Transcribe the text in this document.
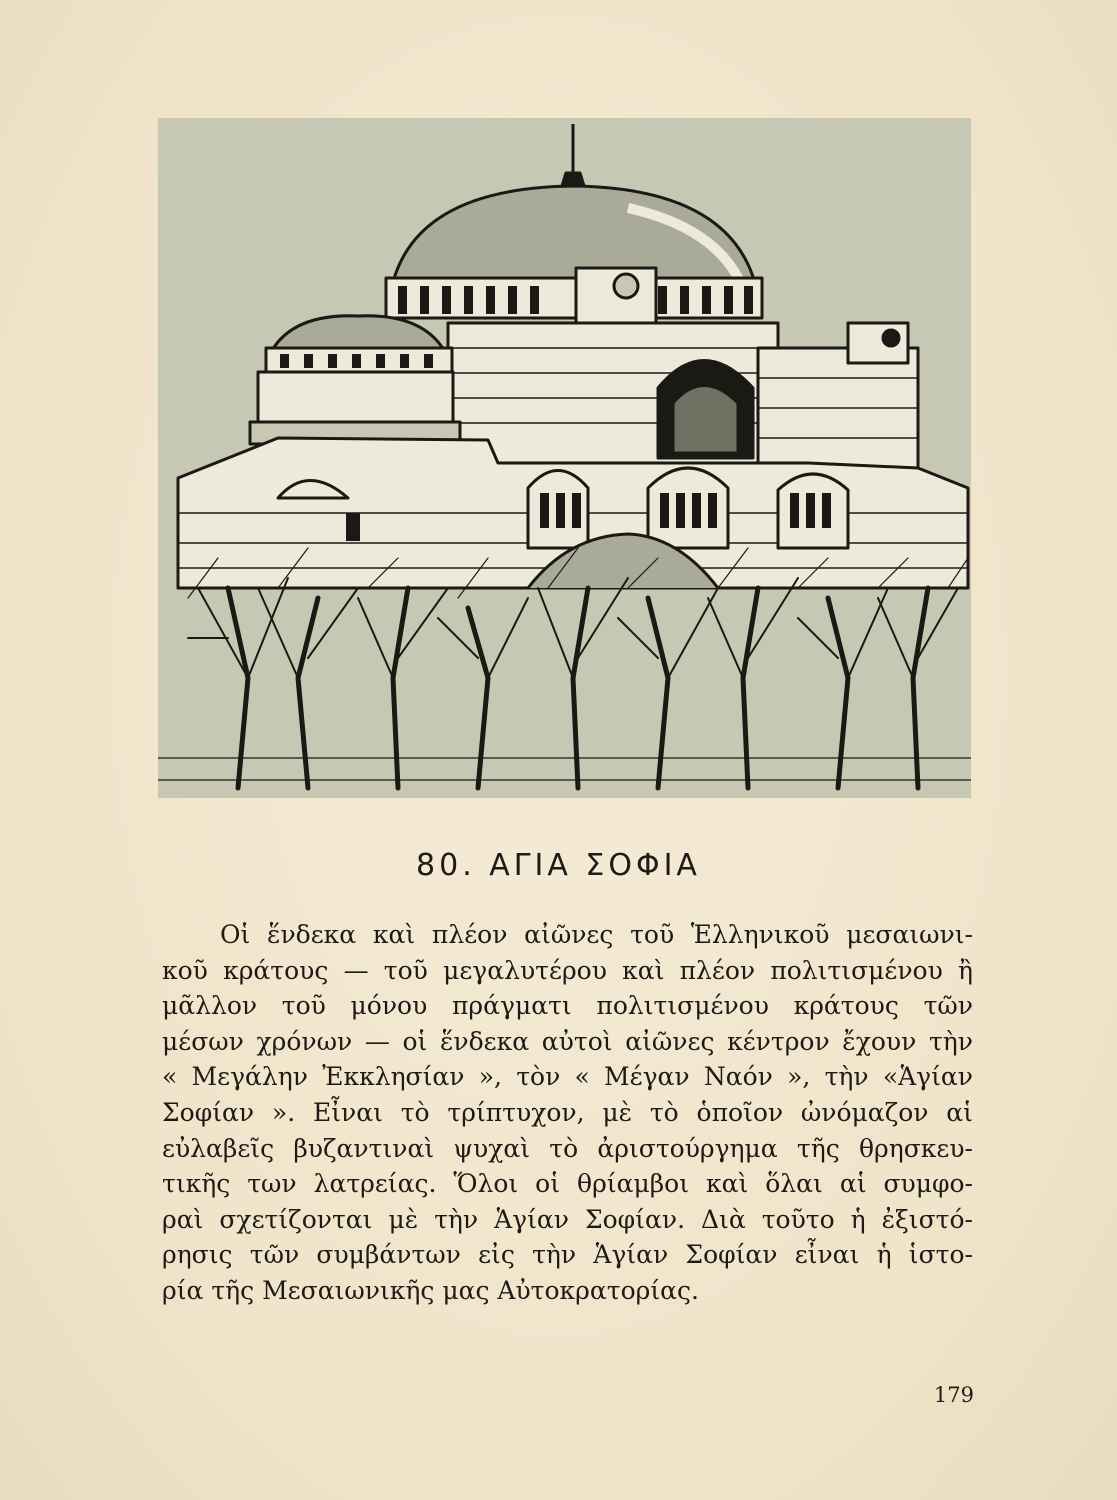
80. ΑΓΙΑ ΣΟΦΙΑ

Οἱ ἕνδεκα καὶ πλέον αἰῶνες τοῦ Ἑλληνικοῦ μεσαιωνι-
κοῦ κράτους — τοῦ μεγαλυτέρου καὶ πλέον πολιτισμένου ἢ
μᾶλλον τοῦ μόνου πράγματι πολιτισμένου κράτους τῶν
μέσων χρόνων — οἱ ἕνδεκα αὐτοὶ αἰῶνες κέντρον ἔχουν τὴν
« Μεγάλην Ἐκκλησίαν », τὸν « Μέγαν Ναόν », τὴν «Ἁγίαν
Σοφίαν ». Εἶναι τὸ τρίπτυχον, μὲ τὸ ὁποῖον ὠνόμαζον αἱ
εὐλαβεῖς βυζαντιναὶ ψυχαὶ τὸ ἀριστούργημα τῆς θρησκευ-
τικῆς των λατρείας. Ὅλοι οἱ θρίαμβοι καὶ ὅλαι αἱ συμφο-
ραὶ σχετίζονται μὲ τὴν Ἁγίαν Σοφίαν. Διὰ τοῦτο ἡ ἐξιστό-
ρησις τῶν συμβάντων εἰς τὴν Ἁγίαν Σοφίαν εἶναι ἡ ἱστο-
ρία τῆς Μεσαιωνικῆς μας Αὐτοκρατορίας.

179
